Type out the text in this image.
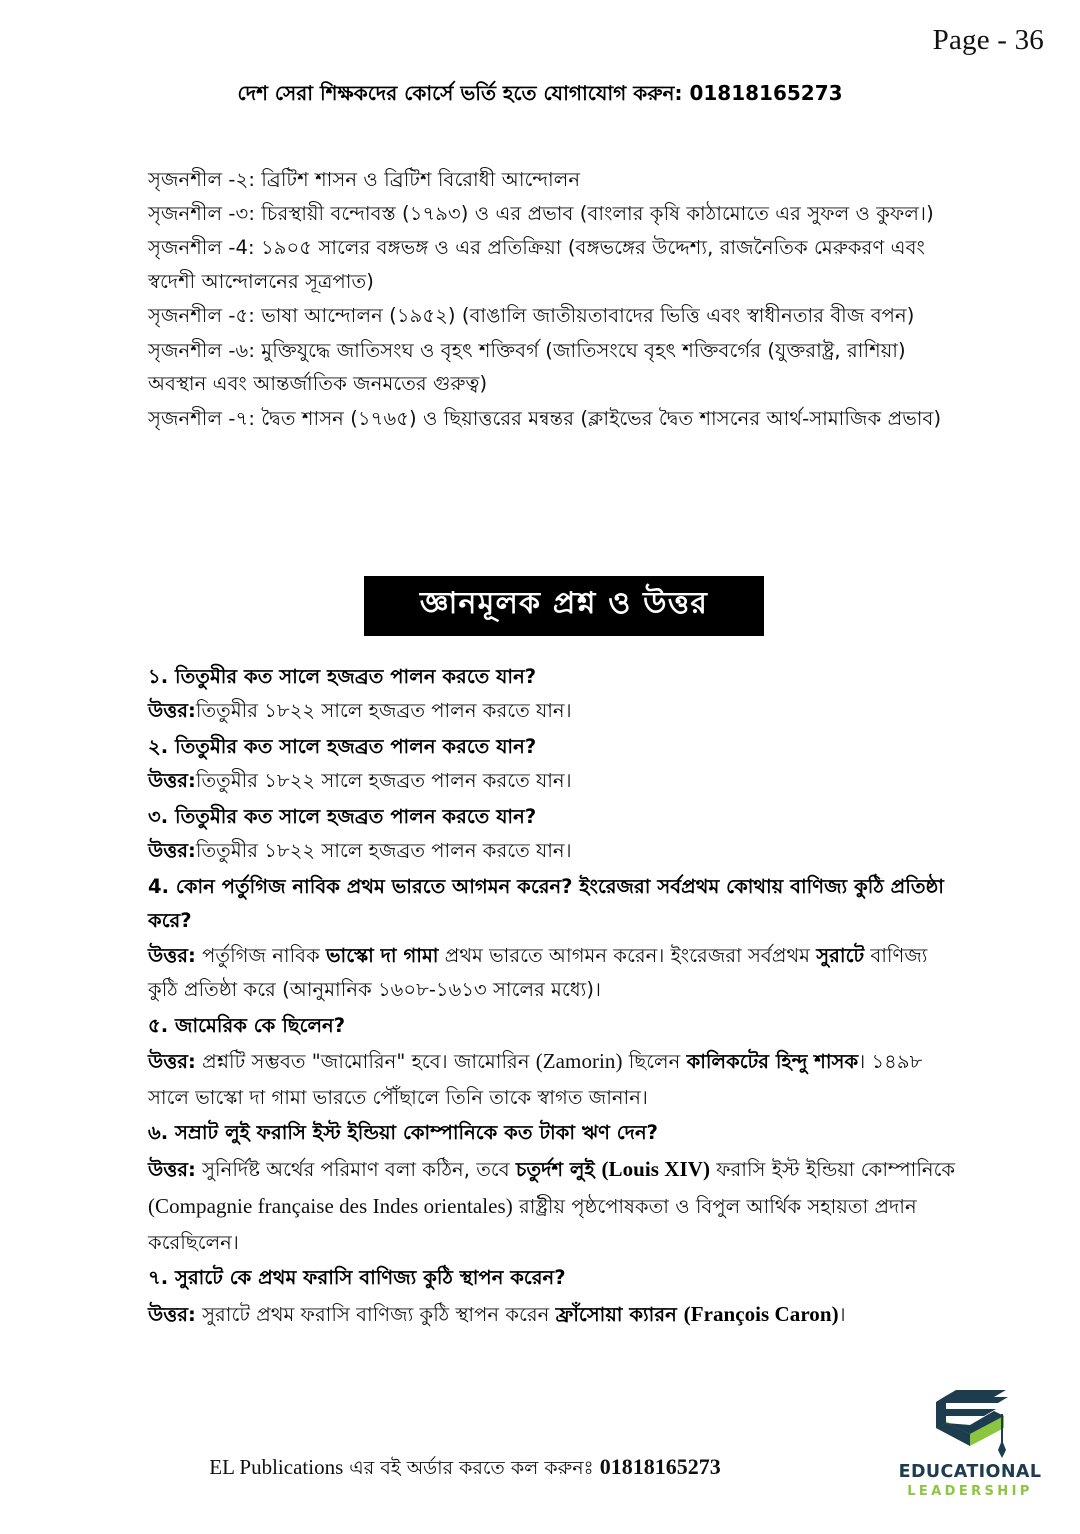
Page - 36
দেশ সেরা শিক্ষকদের কোর্সে ভর্তি হতে যোগাযোগ করুন: 01818165273

সৃজনশীল -২: ব্রিটিশ শাসন ও ব্রিটিশ বিরোধী আন্দোলন

সৃজনশীল -৩: চিরস্থায়ী বন্দোবস্ত (১৭৯৩) ও এর প্রভাব (বাংলার কৃষি কাঠামোতে এর সুফল ও কুফল।)

সৃজনশীল -4: ১৯০৫ সালের বঙ্গভঙ্গ ও এর প্রতিক্রিয়া (বঙ্গভঙ্গের উদ্দেশ্য, রাজনৈতিক মেরুকরণ এবং স্বদেশী আন্দোলনের সূত্রপাত)

সৃজনশীল -৫: ভাষা আন্দোলন (১৯৫২) (বাঙালি জাতীয়তাবাদের ভিত্তি এবং স্বাধীনতার বীজ বপন)

সৃজনশীল -৬: মুক্তিযুদ্ধে জাতিসংঘ ও বৃহৎ শক্তিবর্গ (জাতিসংঘে বৃহৎ শক্তিবর্গের (যুক্তরাষ্ট্র, রাশিয়া) অবস্থান এবং আন্তর্জাতিক জনমতের গুরুত্ব)

সৃজনশীল -৭: দ্বৈত শাসন (১৭৬৫) ও ছিয়াত্তরের মন্বন্তর (ক্লাইভের দ্বৈত শাসনের আর্থ-সামাজিক প্রভাব)

জ্ঞানমূলক প্রশ্ন ও উত্তর

১. তিতুমীর কত সালে হজব্রত পালন করতে যান?

উত্তর:তিতুমীর ১৮২২ সালে হজব্রত পালন করতে যান।

২. তিতুমীর কত সালে হজব্রত পালন করতে যান?

উত্তর:তিতুমীর ১৮২২ সালে হজব্রত পালন করতে যান।

৩. তিতুমীর কত সালে হজব্রত পালন করতে যান?

উত্তর:তিতুমীর ১৮২২ সালে হজব্রত পালন করতে যান।

4. কোন পর্তুগিজ নাবিক প্রথম ভারতে আগমন করেন? ইংরেজরা সর্বপ্রথম কোথায় বাণিজ্য কুঠি প্রতিষ্ঠা করে?

উত্তর: পর্তুগিজ নাবিক ভাস্কো দা গামা প্রথম ভারতে আগমন করেন। ইংরেজরা সর্বপ্রথম সুরাটে বাণিজ্য কুঠি প্রতিষ্ঠা করে (আনুমানিক ১৬০৮-১৬১৩ সালের মধ্যে)।

৫. জামেরিক কে ছিলেন?

উত্তর: প্রশ্নটি সম্ভবত "জামোরিন" হবে। জামোরিন (Zamorin) ছিলেন কালিকটের হিন্দু শাসক। ১৪৯৮ সালে ভাস্কো দা গামা ভারতে পৌঁছালে তিনি তাকে স্বাগত জানান।

৬. সম্রাট লুই ফরাসি ইস্ট ইন্ডিয়া কোম্পানিকে কত টাকা ঋণ দেন?

উত্তর: সুনির্দিষ্ট অর্থের পরিমাণ বলা কঠিন, তবে চতুর্দশ লুই (Louis XIV) ফরাসি ইস্ট ইন্ডিয়া কোম্পানিকে (Compagnie française des Indes orientales) রাষ্ট্রীয় পৃষ্ঠপোষকতা ও বিপুল আর্থিক সহায়তা প্রদান করেছিলেন।

৭. সুরাটে কে প্রথম ফরাসি বাণিজ্য কুঠি স্থাপন করেন?

উত্তর: সুরাটে প্রথম ফরাসি বাণিজ্য কুঠি স্থাপন করেন ফ্রাঁসোয়া ক্যারন (François Caron)।

EL Publications এর বই অর্ডার করতে কল করুনঃ 01818165273	EDUCATIONAL
LEADERSHIP
